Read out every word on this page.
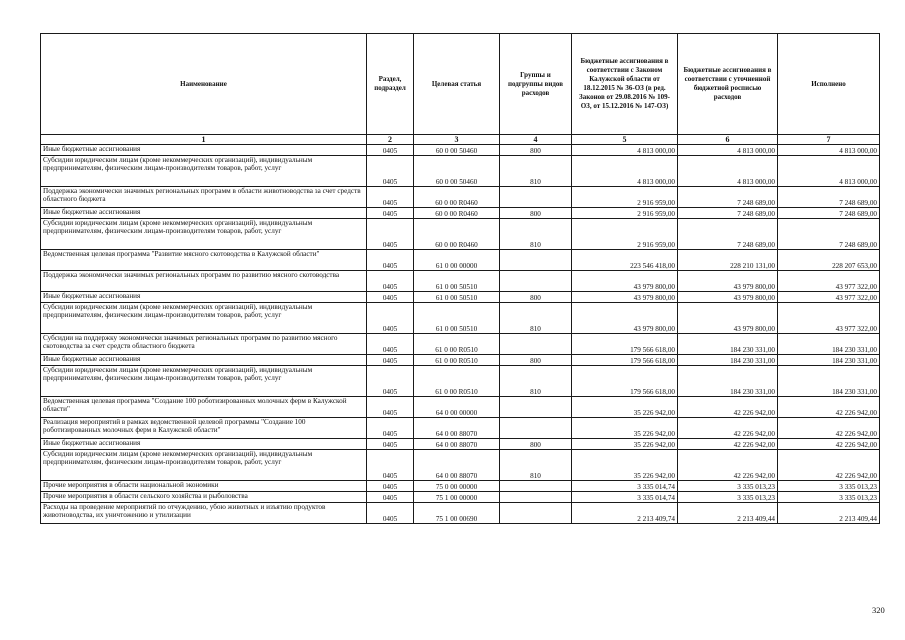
Наименование	Раздел, подраздел	Целевая статья	Группы и подгруппы видов расходов	Бюджетные ассигнования в соответствии с Законом Калужской области от 18.12.2015 № 36-ОЗ (в ред. Законов от 29.08.2016 № 109-ОЗ, от 15.12.2016 № 147-ОЗ)	Бюджетные ассигнования в соответствии с уточненной бюджетной росписью расходов	Исполнено
1	2	3	4	5	6	7
Иные бюджетные ассигнования	0405	60 0 00 50460	800	4 813 000,00	4 813 000,00	4 813 000,00
Субсидии юридическим лицам (кроме некоммерческих организаций), индивидуальным предпринимателям, физическим лицам-производителям товаров, работ, услуг	0405	60 0 00 50460	810	4 813 000,00	4 813 000,00	4 813 000,00
Поддержка экономически значимых региональных программ в области животноводства за счет средств областного бюджета	0405	60 0 00 R0460		2 916 959,00	7 248 689,00	7 248 689,00
Иные бюджетные ассигнования	0405	60 0 00 R0460	800	2 916 959,00	7 248 689,00	7 248 689,00
Субсидии юридическим лицам (кроме некоммерческих организаций), индивидуальным предпринимателям, физическим лицам-производителям товаров, работ, услуг	0405	60 0 00 R0460	810	2 916 959,00	7 248 689,00	7 248 689,00
Ведомственная целевая программа "Развитие мясного скотоводства в Калужской области"	0405	61 0 00 00000		223 546 418,00	228 210 131,00	228 207 653,00
Поддержка экономически значимых региональных программ по развитию мясного скотоводства	0405	61 0 00 50510		43 979 800,00	43 979 800,00	43 977 322,00
Иные бюджетные ассигнования	0405	61 0 00 50510	800	43 979 800,00	43 979 800,00	43 977 322,00
Субсидии юридическим лицам (кроме некоммерческих организаций), индивидуальным предпринимателям, физическим лицам-производителям товаров, работ, услуг	0405	61 0 00 50510	810	43 979 800,00	43 979 800,00	43 977 322,00
Субсидии на поддержку экономически значимых региональных программ по развитию мясного скотоводства за счет средств областного бюджета	0405	61 0 00 R0510		179 566 618,00	184 230 331,00	184 230 331,00
Иные бюджетные ассигнования	0405	61 0 00 R0510	800	179 566 618,00	184 230 331,00	184 230 331,00
Субсидии юридическим лицам (кроме некоммерческих организаций), индивидуальным предпринимателям, физическим лицам-производителям товаров, работ, услуг	0405	61 0 00 R0510	810	179 566 618,00	184 230 331,00	184 230 331,00
Ведомственная целевая программа "Создание 100 роботизированных молочных ферм в Калужской области"	0405	64 0 00 00000		35 226 942,00	42 226 942,00	42 226 942,00
Реализация мероприятий в рамках ведомственной целевой программы "Создание 100 роботизированных молочных ферм в Калужской области"	0405	64 0 00 88070		35 226 942,00	42 226 942,00	42 226 942,00
Иные бюджетные ассигнования	0405	64 0 00 88070	800	35 226 942,00	42 226 942,00	42 226 942,00
Субсидии юридическим лицам (кроме некоммерческих организаций), индивидуальным предпринимателям, физическим лицам-производителям товаров, работ, услуг	0405	64 0 00 88070	810	35 226 942,00	42 226 942,00	42 226 942,00
Прочие мероприятия в области национальной экономики	0405	75 0 00 00000		3 335 014,74	3 335 013,23	3 335 013,23
Прочие мероприятия в области сельского хозяйства и рыболовства	0405	75 1 00 00000		3 335 014,74	3 335 013,23	3 335 013,23
Расходы на проведение мероприятий по отчуждению, убою животных и изъятию продуктов животноводства, их уничтожению и утилизации	0405	75 1 00 00690		2 213 409,74	2 213 409,44	2 213 409,44
320
